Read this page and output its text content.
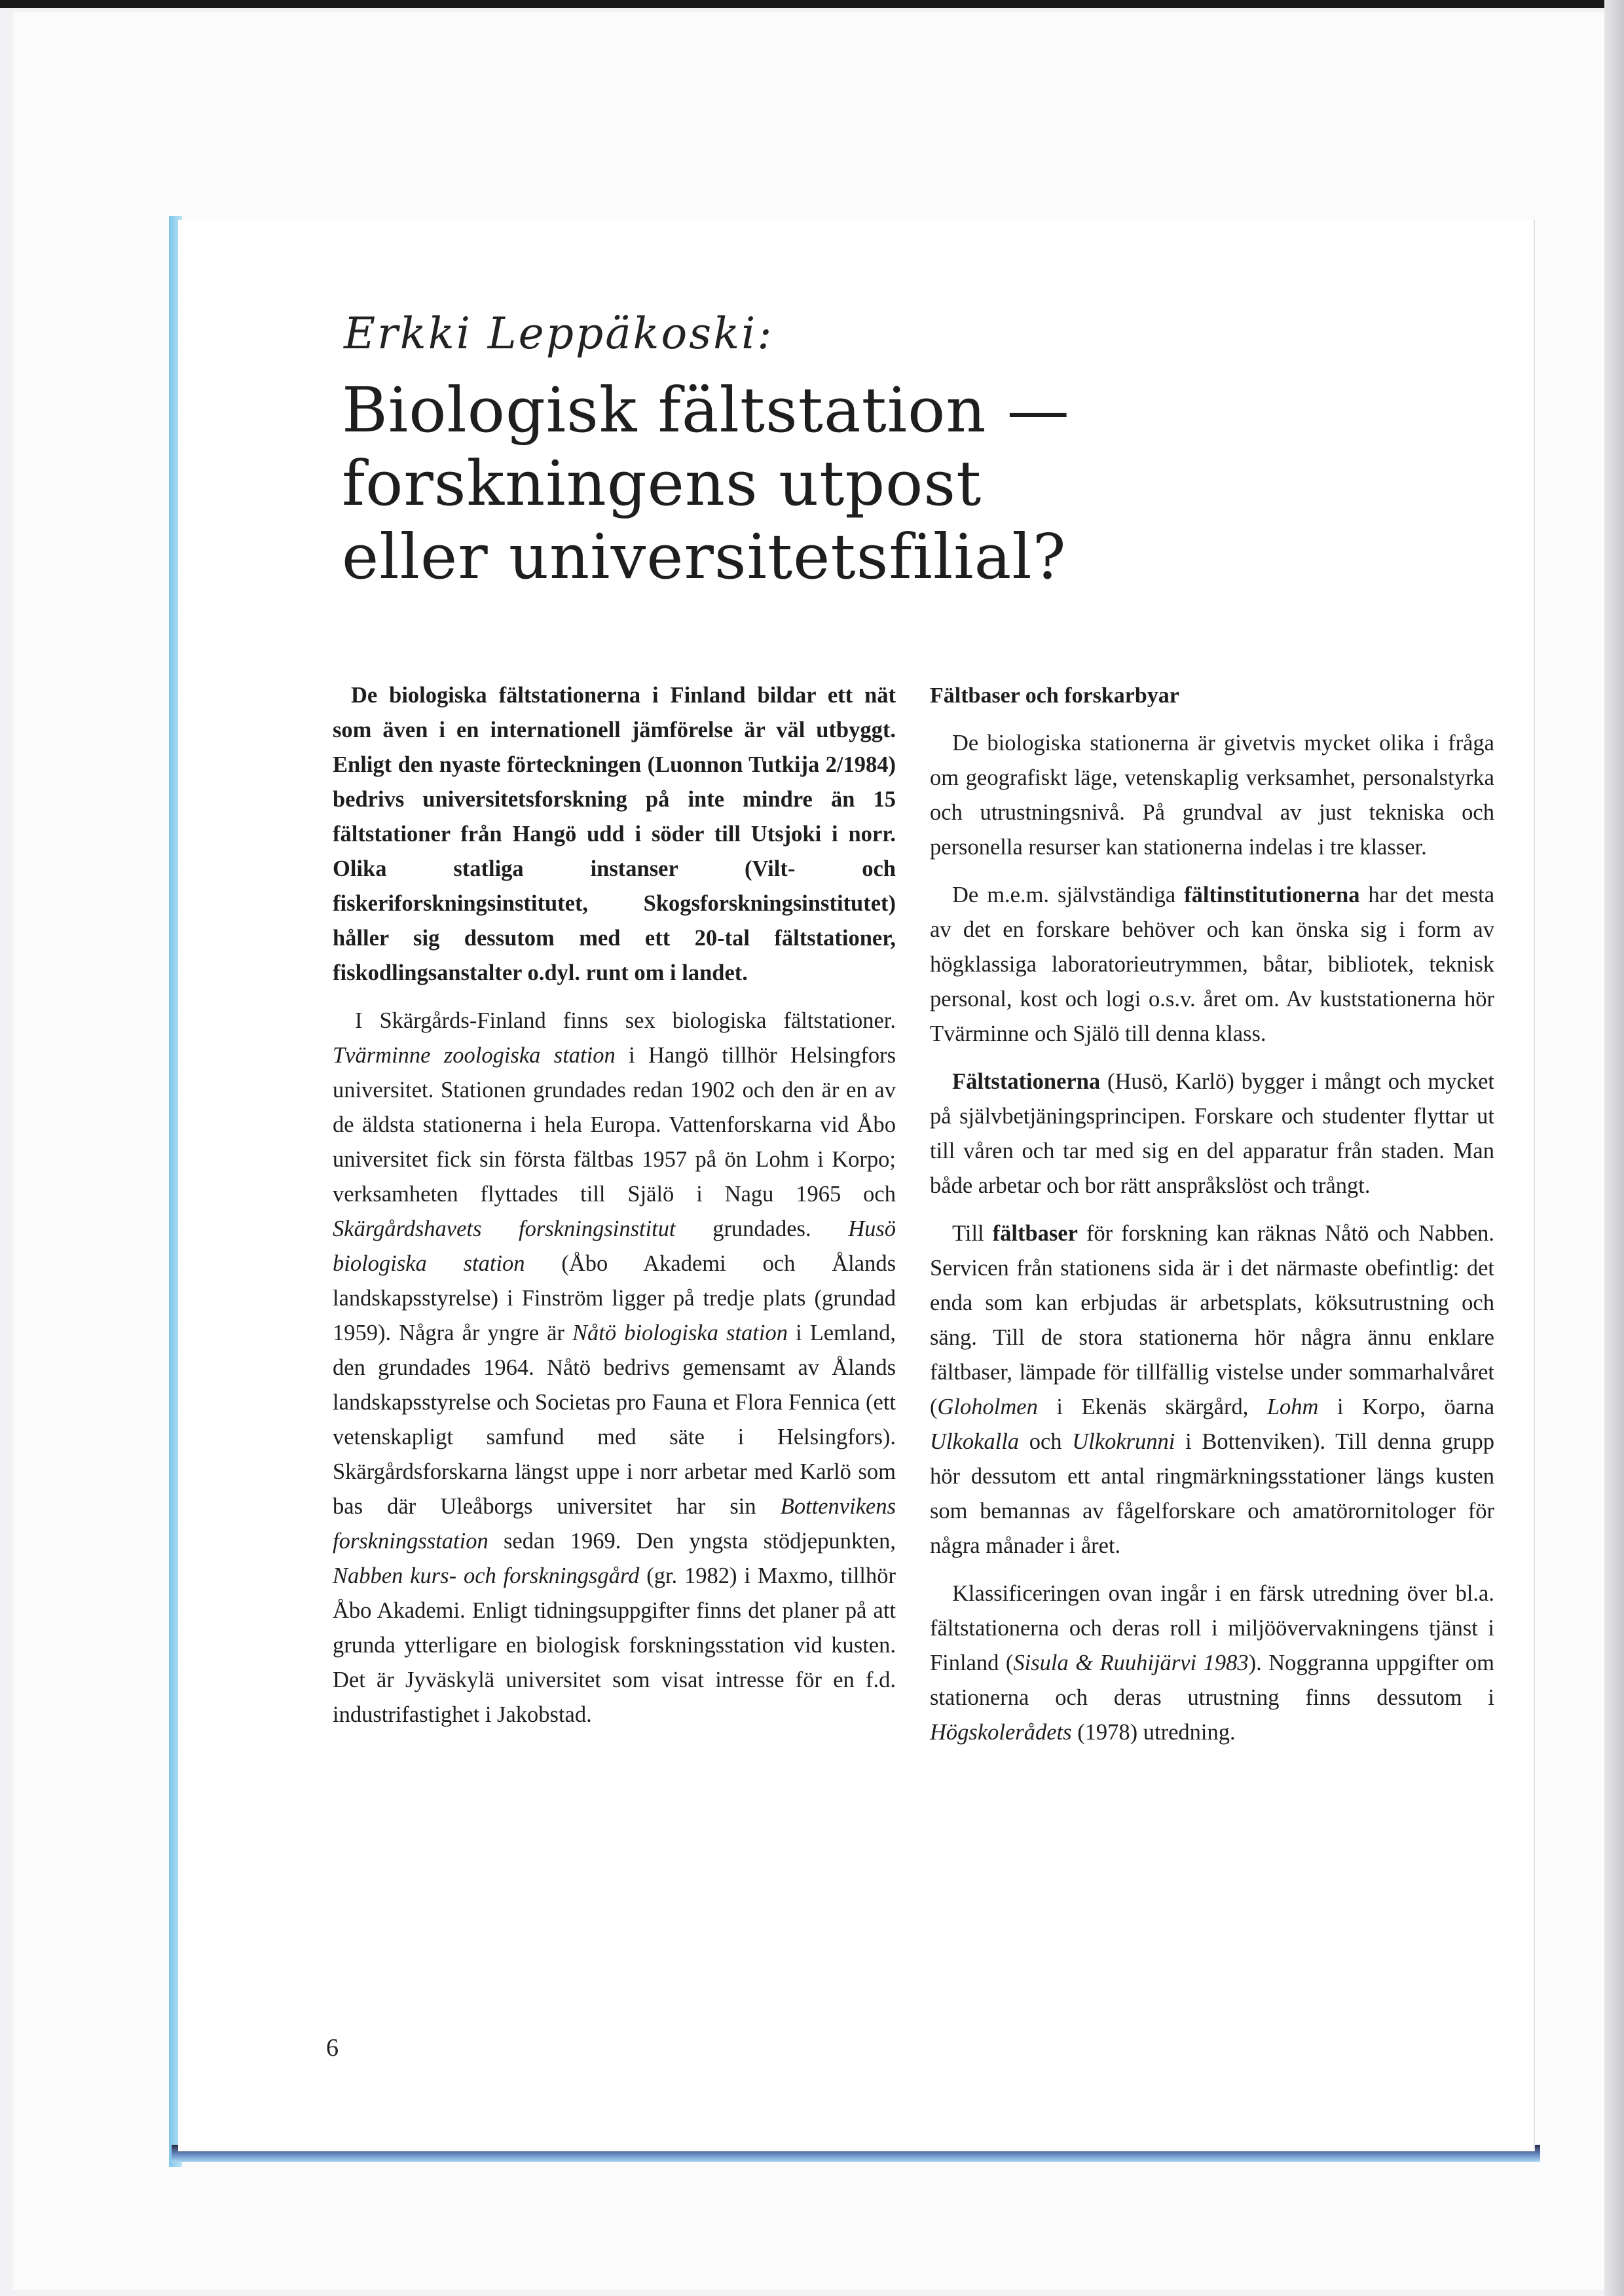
Erkki Leppäkoski:

Biologisk fältstation —
forskningens utpost
eller universitetsfilial?

De biologiska fältstationerna i Finland bildar ett nät som även i en internationell jämförelse är väl utbyggt. Enligt den nyaste förteckningen (Luonnon Tutkija 2/1984) bedrivs universitetsforskning på inte mindre än 15 fältstationer från Hangö udd i söder till Utsjoki i norr. Olika statliga instanser (Vilt- och fiskeriforskningsinstitutet, Skogsforskningsinstitutet) håller sig dessutom med ett 20-tal fältstationer, fiskodlingsanstalter o.dyl. runt om i landet.

I Skärgårds-Finland finns sex biologiska fältstationer. Tvärminne zoologiska station i Hangö tillhör Helsingfors universitet. Stationen grundades redan 1902 och den är en av de äldsta stationerna i hela Europa. Vattenforskarna vid Åbo universitet fick sin första fältbas 1957 på ön Lohm i Korpo; verksamheten flyttades till Själö i Nagu 1965 och Skärgårdshavets forskningsinstitut grundades. Husö biologiska station (Åbo Akademi och Ålands landskapsstyrelse) i Finström ligger på tredje plats (grundad 1959). Några år yngre är Nåtö biologiska station i Lemland, den grundades 1964. Nåtö bedrivs gemensamt av Ålands landskapsstyrelse och Societas pro Fauna et Flora Fennica (ett vetenskapligt samfund med säte i Helsingfors). Skärgårdsforskarna längst uppe i norr arbetar med Karlö som bas där Uleåborgs universitet har sin Bottenvikens forskningsstation sedan 1969. Den yngsta stödjepunkten, Nabben kurs- och forskningsgård (gr. 1982) i Maxmo, tillhör Åbo Akademi. Enligt tidningsuppgifter finns det planer på att grunda ytterligare en biologisk forskningsstation vid kusten. Det är Jyväskylä universitet som visat intresse för en f.d. industrifastighet i Jakobstad.

Fältbaser och forskarbyar

De biologiska stationerna är givetvis mycket olika i fråga om geografiskt läge, vetenskaplig verksamhet, personalstyrka och utrustningsnivå. På grundval av just tekniska och personella resurser kan stationerna indelas i tre klasser.

De m.e.m. självständiga fältinstitutionerna har det mesta av det en forskare behöver och kan önska sig i form av högklassiga laboratorieutrymmen, båtar, bibliotek, teknisk personal, kost och logi o.s.v. året om. Av kuststationerna hör Tvärminne och Själö till denna klass.

Fältstationerna (Husö, Karlö) bygger i mångt och mycket på självbetjäningsprincipen. Forskare och studenter flyttar ut till våren och tar med sig en del apparatur från staden. Man både arbetar och bor rätt anspråkslöst och trångt.

Till fältbaser för forskning kan räknas Nåtö och Nabben. Servicen från stationens sida är i det närmaste obefintlig: det enda som kan erbjudas är arbetsplats, köksutrustning och säng. Till de stora stationerna hör några ännu enklare fältbaser, lämpade för tillfällig vistelse under sommarhalvåret (Gloholmen i Ekenäs skärgård, Lohm i Korpo, öarna Ulkokalla och Ulkokrunni i Bottenviken). Till denna grupp hör dessutom ett antal ringmärkningsstationer längs kusten som bemannas av fågelforskare och amatörornitologer för några månader i året.

Klassificeringen ovan ingår i en färsk utredning över bl.a. fältstationerna och deras roll i miljöövervakningens tjänst i Finland (Sisula & Ruuhijärvi 1983). Noggranna uppgifter om stationerna och deras utrustning finns dessutom i Högskolerådets (1978) utredning.

6
